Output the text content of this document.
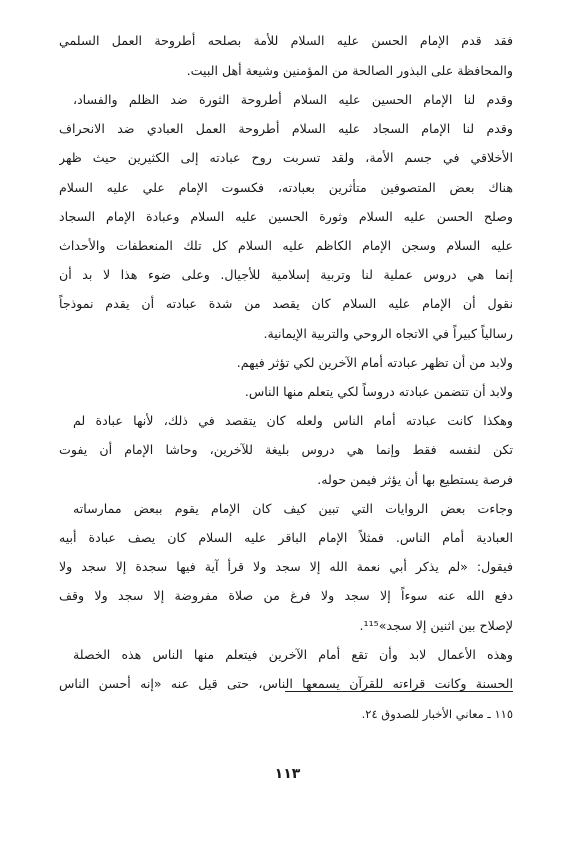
فقد قدم الإمام الحسن عليه السلام للأمة بصلحه أطروحة العمل السلمي
والمحافظة على البذور الصالحة من المؤمنين وشيعة أهل البيت.
وقدم لنا الإمام الحسين عليه السلام أطروحة الثورة ضد الظلم والفساد،
وقدم لنا الإمام السجاد عليه السلام أطروحة العمل العبادي ضد الانحراف
الأخلاقي في جسم الأمة، ولقد تسربت روح عبادته إلى الكثيرين حيث ظهر
هناك بعض المتصوفين متأثرين بعبادته، فكسوت الإمام علي عليه السلام
وصلح الحسن عليه السلام وثورة الحسين عليه السلام وعبادة الإمام السجاد
عليه السلام وسجن الإمام الكاظم عليه السلام كل تلك المنعطفات والأحداث
إنما هي دروس عملية لنا وتربية إسلامية للأجيال. وعلى ضوء هذا لا بد أن
نقول أن الإمام عليه السلام كان يقصد من شدة عبادته أن يقدم نموذجاً
رسالياً كبيراً في الاتجاه الروحي والتربية الإيمانية.
ولابد من أن تظهر عبادته أمام الآخرين لكي تؤثر فيهم.
ولابد أن تتضمن عبادته دروساً لكي يتعلم منها الناس.
وهكذا كانت عبادته أمام الناس ولعله كان يتقصد في ذلك، لأنها عبادة لم
تكن لنفسه فقط وإنما هي دروس بليغة للآخرين، وحاشا الإمام أن يفوت
فرصة يستطيع بها أن يؤثر فيمن حوله.
وجاءت بعض الروايات التي تبين كيف كان الإمام يقوم ببعض ممارساته
العبادية أمام الناس. فمثلاً الإمام الباقر عليه السلام كان يصف عبادة أبيه
فيقول: «لم يذكر أبي نعمة الله إلا سجد ولا قرأ آية فيها سجدة إلا سجد ولا
دفع الله عنه سوءاً إلا سجد ولا فرغ من صلاة مفروضة إلا سجد ولا وقف
لإصلاح بين اثنين إلا سجد»¹¹⁵.
وهذه الأعمال لابد وأن تقع أمام الآخرين فيتعلم منها الناس هذه الخصلة
الحسنة وكانت قراءته للقرآن يسمعها الناس، حتى قيل عنه «إنه أحسن الناس
١١٥ ـ معاني الأخبار للصدوق ٢٤.
١١٣
